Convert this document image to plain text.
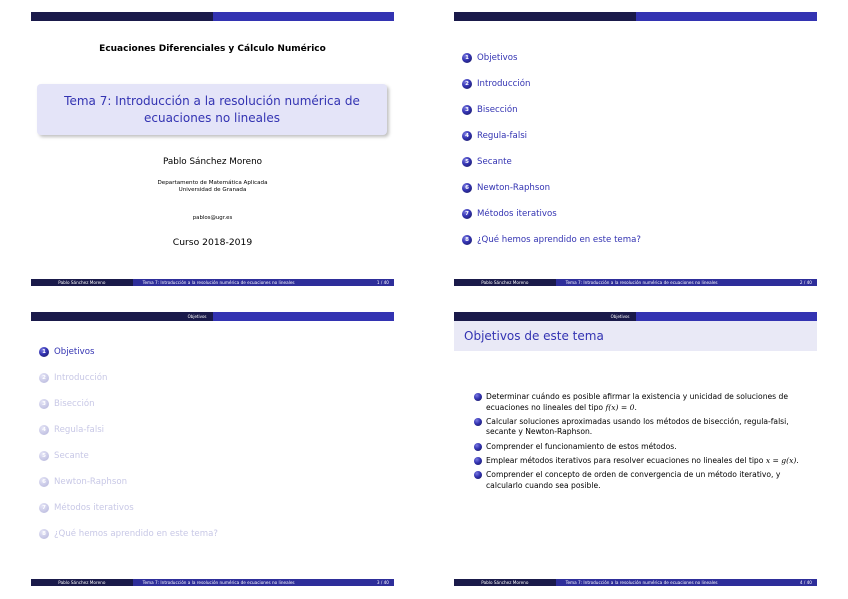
Ecuaciones Diferenciales y Cálculo Numérico
Tema 7: Introducción a la resolución numérica de ecuaciones no lineales
Pablo Sánchez Moreno
Departamento de Matemática Aplicada
Universidad de Granada
pablos@ugr.es
Curso 2018-2019
Pablo Sánchez Moreno	Tema 7: Introducción a la resolución numérica de ecuaciones no lineales	1 / 40
1 Objetivos
2 Introducción
3 Bisección
4 Regula-falsi
5 Secante
6 Newton-Raphson
7 Métodos iterativos
8 ¿Qué hemos aprendido en este tema?
Pablo Sánchez Moreno	Tema 7: Introducción a la resolución numérica de ecuaciones no lineales	2 / 40
Objetivos
1 Objetivos
2 Introducción
3 Bisección
4 Regula-falsi
5 Secante
6 Newton-Raphson
7 Métodos iterativos
8 ¿Qué hemos aprendido en este tema?
Pablo Sánchez Moreno	Tema 7: Introducción a la resolución numérica de ecuaciones no lineales	3 / 40
Objetivos
Objetivos de este tema
Determinar cuándo es posible afirmar la existencia y unicidad de soluciones de ecuaciones no lineales del tipo f(x) = 0.
Calcular soluciones aproximadas usando los métodos de bisección, regula-falsi, secante y Newton-Raphson.
Comprender el funcionamiento de estos métodos.
Emplear métodos iterativos para resolver ecuaciones no lineales del tipo x = g(x).
Comprender el concepto de orden de convergencia de un método iterativo, y calcularlo cuando sea posible.
Pablo Sánchez Moreno	Tema 7: Introducción a la resolución numérica de ecuaciones no lineales	4 / 40
